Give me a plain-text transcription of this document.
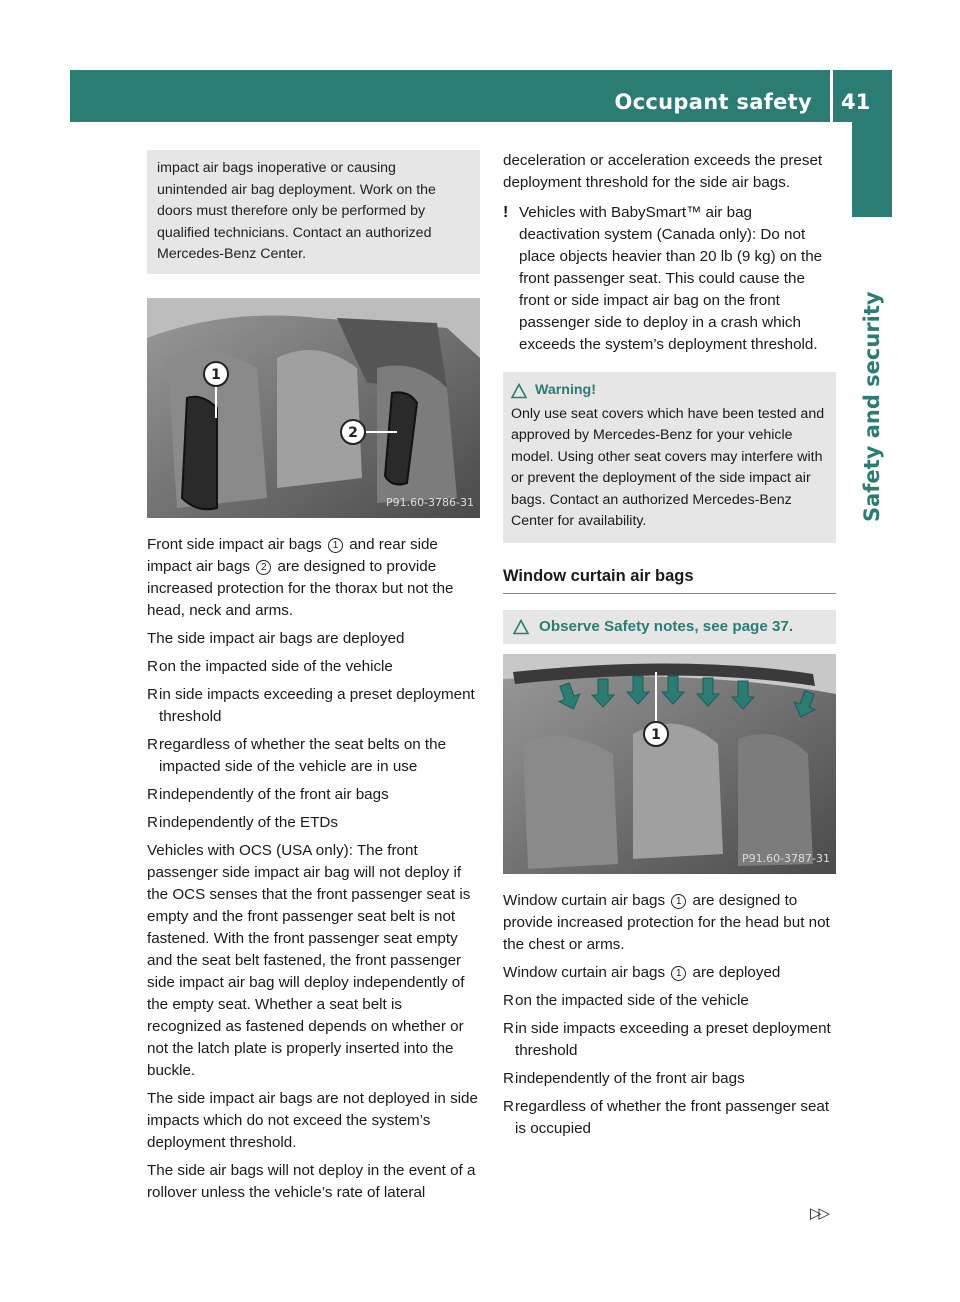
Occupant safety	41
Safety and security
impact air bags inoperative or causing unintended air bag deployment. Work on the doors must therefore only be performed by qualified technicians. Contact an authorized Mercedes-Benz Center.
1
2
P91.60-3786-31

Front side impact air bags 1 and rear side impact air bags 2 are designed to provide increased protection for the thorax but not the head, neck and arms.

The side impact air bags are deployed

R on the impacted side of the vehicle
R in side impacts exceeding a preset deployment threshold
R regardless of whether the seat belts on the impacted side of the vehicle are in use
R independently of the front air bags
R independently of the ETDs

Vehicles with OCS (USA only): The front passenger side impact air bag will not deploy if the OCS senses that the front passenger seat is empty and the front passenger seat belt is not fastened. With the front passenger seat empty and the seat belt fastened, the front passenger side impact air bag will deploy independently of the empty seat. Whether a seat belt is recognized as fastened depends on whether or not the latch plate is properly inserted into the buckle.

The side impact air bags are not deployed in side impacts which do not exceed the system’s deployment threshold.

The side air bags will not deploy in the event of a rollover unless the vehicle’s rate of lateral

deceleration or acceleration exceeds the preset deployment threshold for the side air bags.

! Vehicles with BabySmart™ air bag deactivation system (Canada only): Do not place objects heavier than 20 lb (9 kg) on the front passenger seat. This could cause the front or side impact air bag on the front passenger side to deploy in a crash which exceeds the system’s deployment threshold.
Warning!
Only use seat covers which have been tested and approved by Mercedes-Benz for your vehicle model. Using other seat covers may interfere with or prevent the deployment of the side impact air bags. Contact an authorized Mercedes-Benz Center for availability.
Window curtain air bags
Observe Safety notes, see page 37.
1
P91.60-3787-31

Window curtain air bags 1 are designed to provide increased protection for the head but not the chest or arms.

Window curtain air bags 1 are deployed

R on the impacted side of the vehicle
R in side impacts exceeding a preset deployment threshold
R independently of the front air bags
R regardless of whether the front passenger seat is occupied
▷▷
